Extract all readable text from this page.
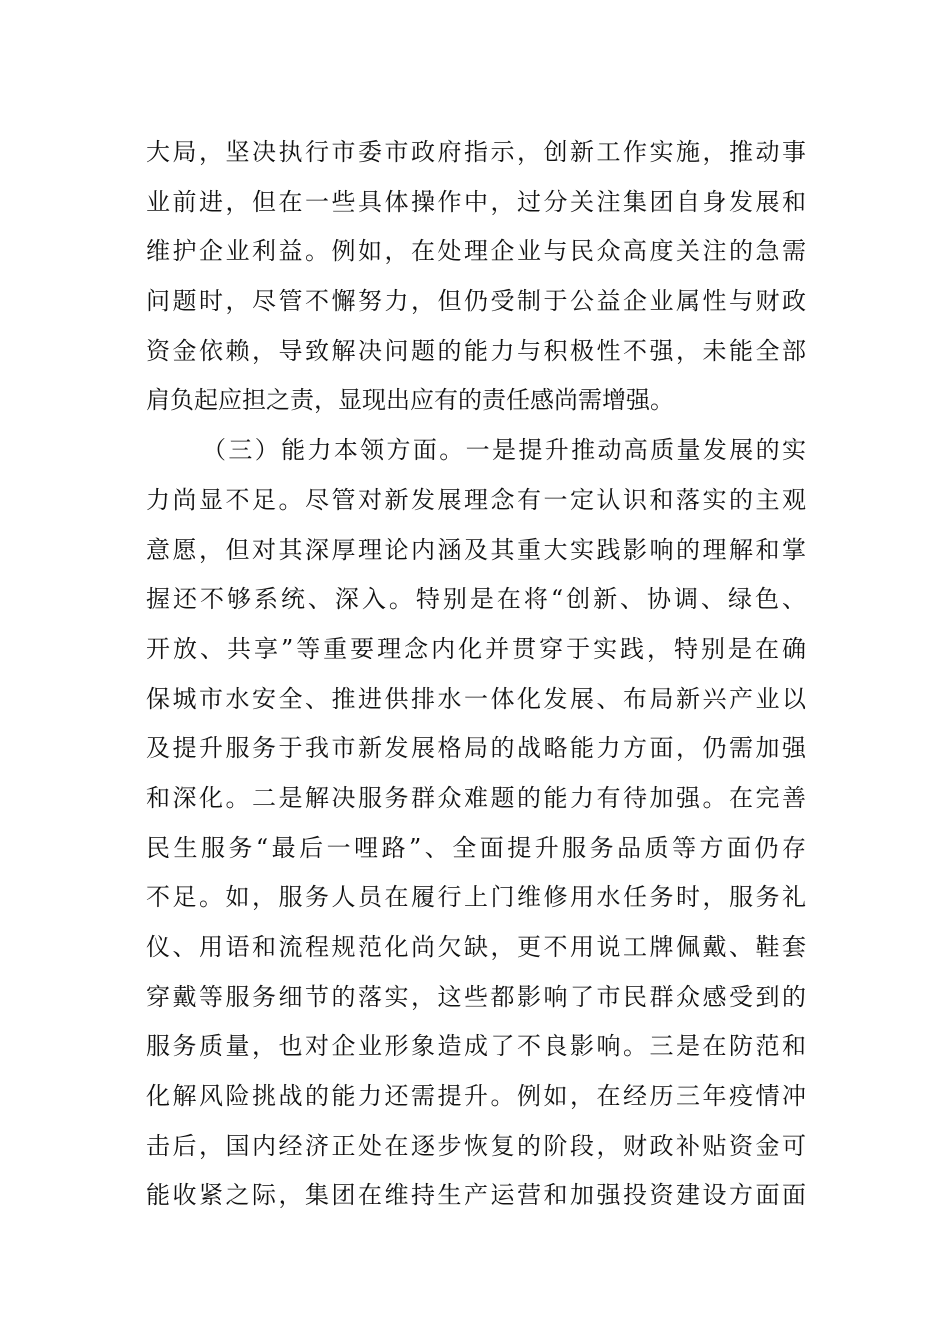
大局，坚决执行市委市政府指示，创新工作实施，推动事
业前进，但在一些具体操作中，过分关注集团自身发展和
维护企业利益。例如，在处理企业与民众高度关注的急需
问题时，尽管不懈努力，但仍受制于公益企业属性与财政
资金依赖，导致解决问题的能力与积极性不强，未能全部
肩负起应担之责，显现出应有的责任感尚需增强。
（三）能力本领方面。一是提升推动高质量发展的实
力尚显不足。尽管对新发展理念有一定认识和落实的主观
意愿，但对其深厚理论内涵及其重大实践影响的理解和掌
握还不够系统、深入。特别是在将“创新、协调、绿色、
开放、共享”等重要理念内化并贯穿于实践，特别是在确
保城市水安全、推进供排水一体化发展、布局新兴产业以
及提升服务于我市新发展格局的战略能力方面，仍需加强
和深化。二是解决服务群众难题的能力有待加强。在完善
民生服务“最后一哩路”、全面提升服务品质等方面仍存
不足。如，服务人员在履行上门维修用水任务时，服务礼
仪、用语和流程规范化尚欠缺，更不用说工牌佩戴、鞋套
穿戴等服务细节的落实，这些都影响了市民群众感受到的
服务质量，也对企业形象造成了不良影响。三是在防范和
化解风险挑战的能力还需提升。例如，在经历三年疫情冲
击后，国内经济正处在逐步恢复的阶段，财政补贴资金可
能收紧之际，集团在维持生产运营和加强投资建设方面面
